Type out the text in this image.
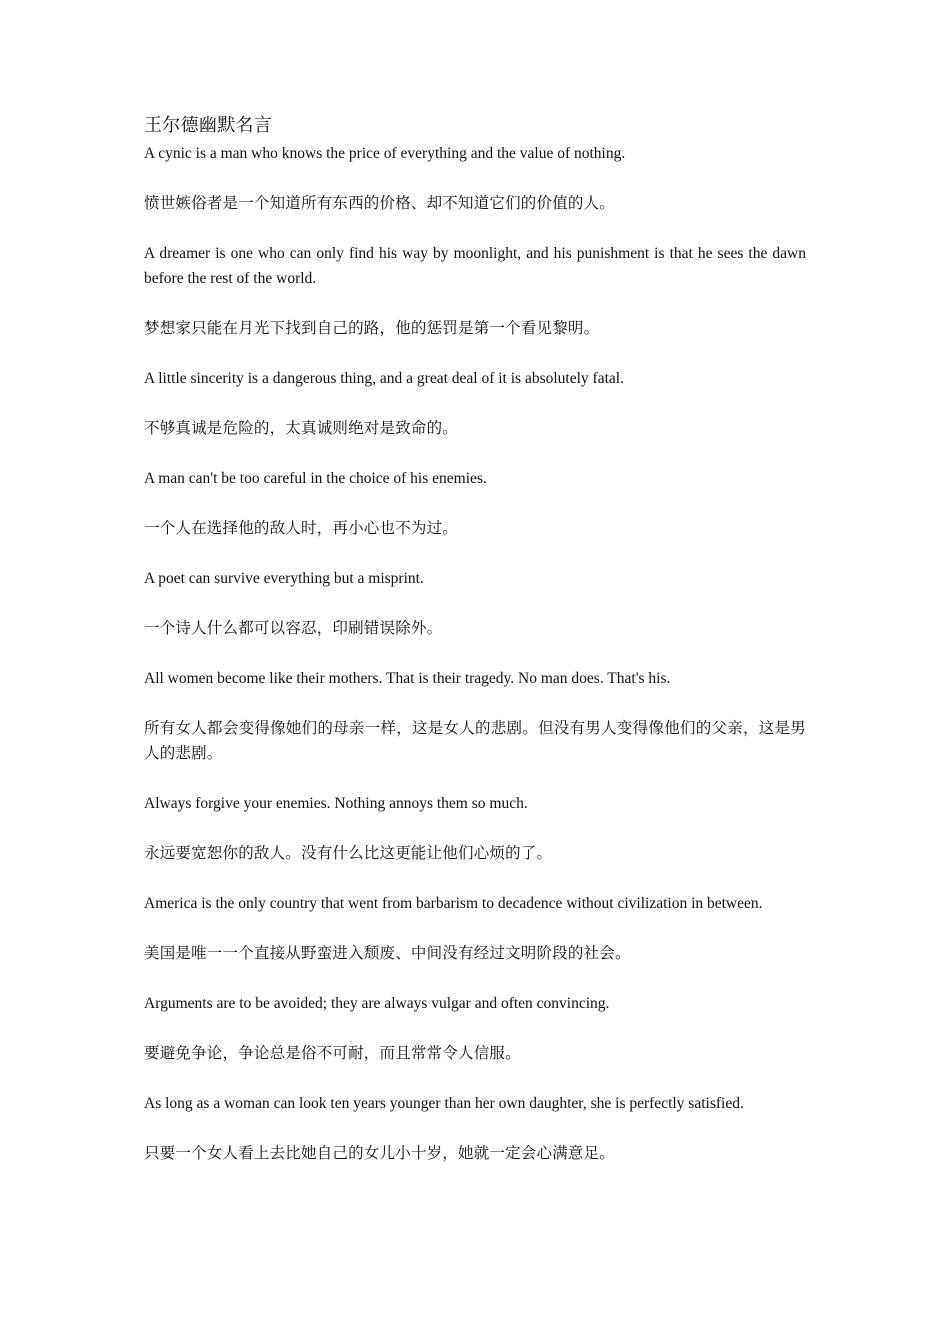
王尔德幽默名言

A cynic is a man who knows the price of everything and the value of nothing.

愤世嫉俗者是一个知道所有东西的价格、却不知道它们的价值的人。

A dreamer is one who can only find his way by moonlight, and his punishment is that he sees the dawn before the rest of the world.

梦想家只能在月光下找到自己的路，他的惩罚是第一个看见黎明。

A little sincerity is a dangerous thing, and a great deal of it is absolutely fatal.

不够真诚是危险的，太真诚则绝对是致命的。

A man can't be too careful in the choice of his enemies.

一个人在选择他的敌人时，再小心也不为过。

A poet can survive everything but a misprint.

一个诗人什么都可以容忍，印刷错误除外。

All women become like their mothers. That is their tragedy. No man does. That's his.

所有女人都会变得像她们的母亲一样，这是女人的悲剧。但没有男人变得像他们的父亲，这是男人的悲剧。

Always forgive your enemies. Nothing annoys them so much.

永远要宽恕你的敌人。没有什么比这更能让他们心烦的了。

America is the only country that went from barbarism to decadence without civilization in between.

美国是唯一一个直接从野蛮进入颓废、中间没有经过文明阶段的社会。

Arguments are to be avoided; they are always vulgar and often convincing.

要避免争论，争论总是俗不可耐，而且常常令人信服。

As long as a woman can look ten years younger than her own daughter, she is perfectly satisfied.

只要一个女人看上去比她自己的女儿小十岁，她就一定会心满意足。
